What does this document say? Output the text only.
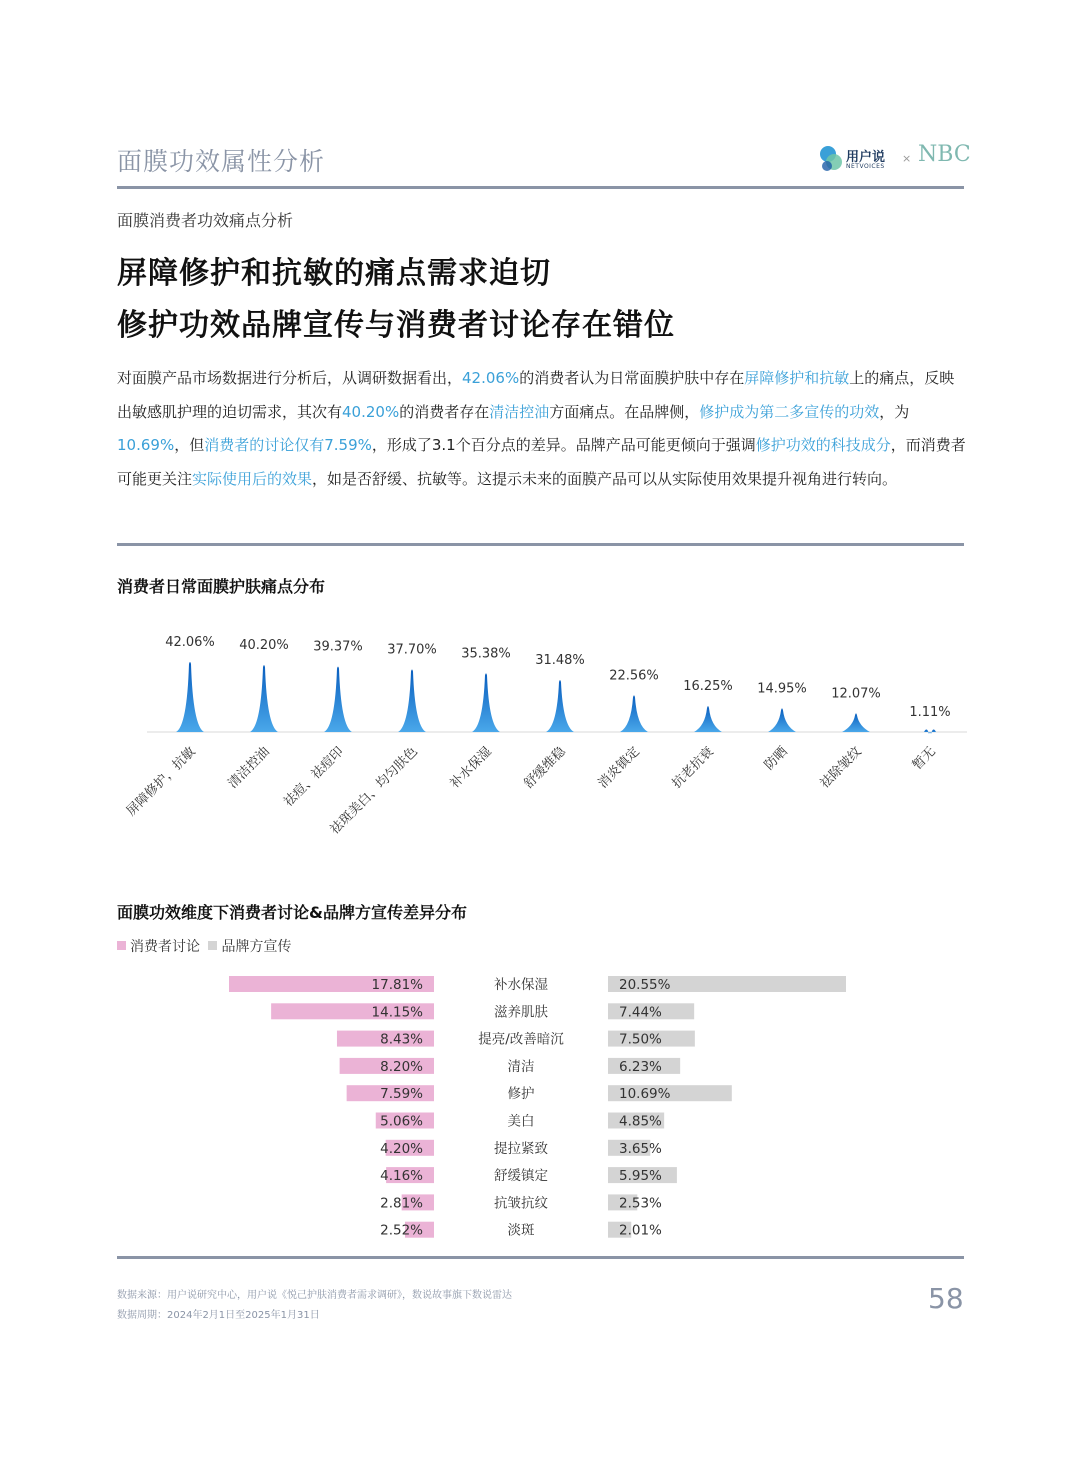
面膜功效属性分析	用户说
NETVOICES
× NBC
面膜消费者功效痛点分析
屏障修护和抗敏的痛点需求迫切
修护功效品牌宣传与消费者讨论存在错位
对面膜产品市场数据进行分析后，从调研数据看出，42.06%的消费者认为日常面膜护肤中存在屏障修护和抗敏上的痛点，反映出敏感肌护理的迫切需求，其次有40.20%的消费者存在清洁控油方面痛点。在品牌侧，修护成为第二多宣传的功效，为10.69%，但消费者的讨论仅有7.59%，形成了3.1个百分点的差异。品牌产品可能更倾向于强调修护功效的科技成分，而消费者可能更关注实际使用后的效果，如是否舒缓、抗敏等。这提示未来的面膜产品可以从实际使用效果提升视角进行转向。
消费者日常面膜护肤痛点分布
42.06%
屏障修护，抗敏
40.20%
清洁控油
39.37%
祛痘、祛痘印
37.70%
祛斑美白、均匀肤色
35.38%
补水保湿
31.48%
舒缓维稳
22.56%
消炎镇定
16.25%
抗老抗衰
14.95%
防晒
12.07%
祛除皱纹
1.11%
暂无
面膜功效维度下消费者讨论&品牌方宣传差异分布
消费者讨论 品牌方宣传
17.81%	补水保湿	20.55%
14.15%	滋养肌肤	7.44%
8.43%	提亮/改善暗沉	7.50%
8.20%	清洁	6.23%
7.59%	修护	10.69%
5.06%	美白	4.85%
4.20%	提拉紧致	3.65%
4.16%	舒缓镇定	5.95%
2.81%	抗皱抗纹	2.53%
2.52%	淡斑	2.01%
数据来源：用户说研究中心，用户说《悦己护肤消费者需求调研》，数说故事旗下数说雷达
数据周期：2024年2月1日至2025年1月31日
58
